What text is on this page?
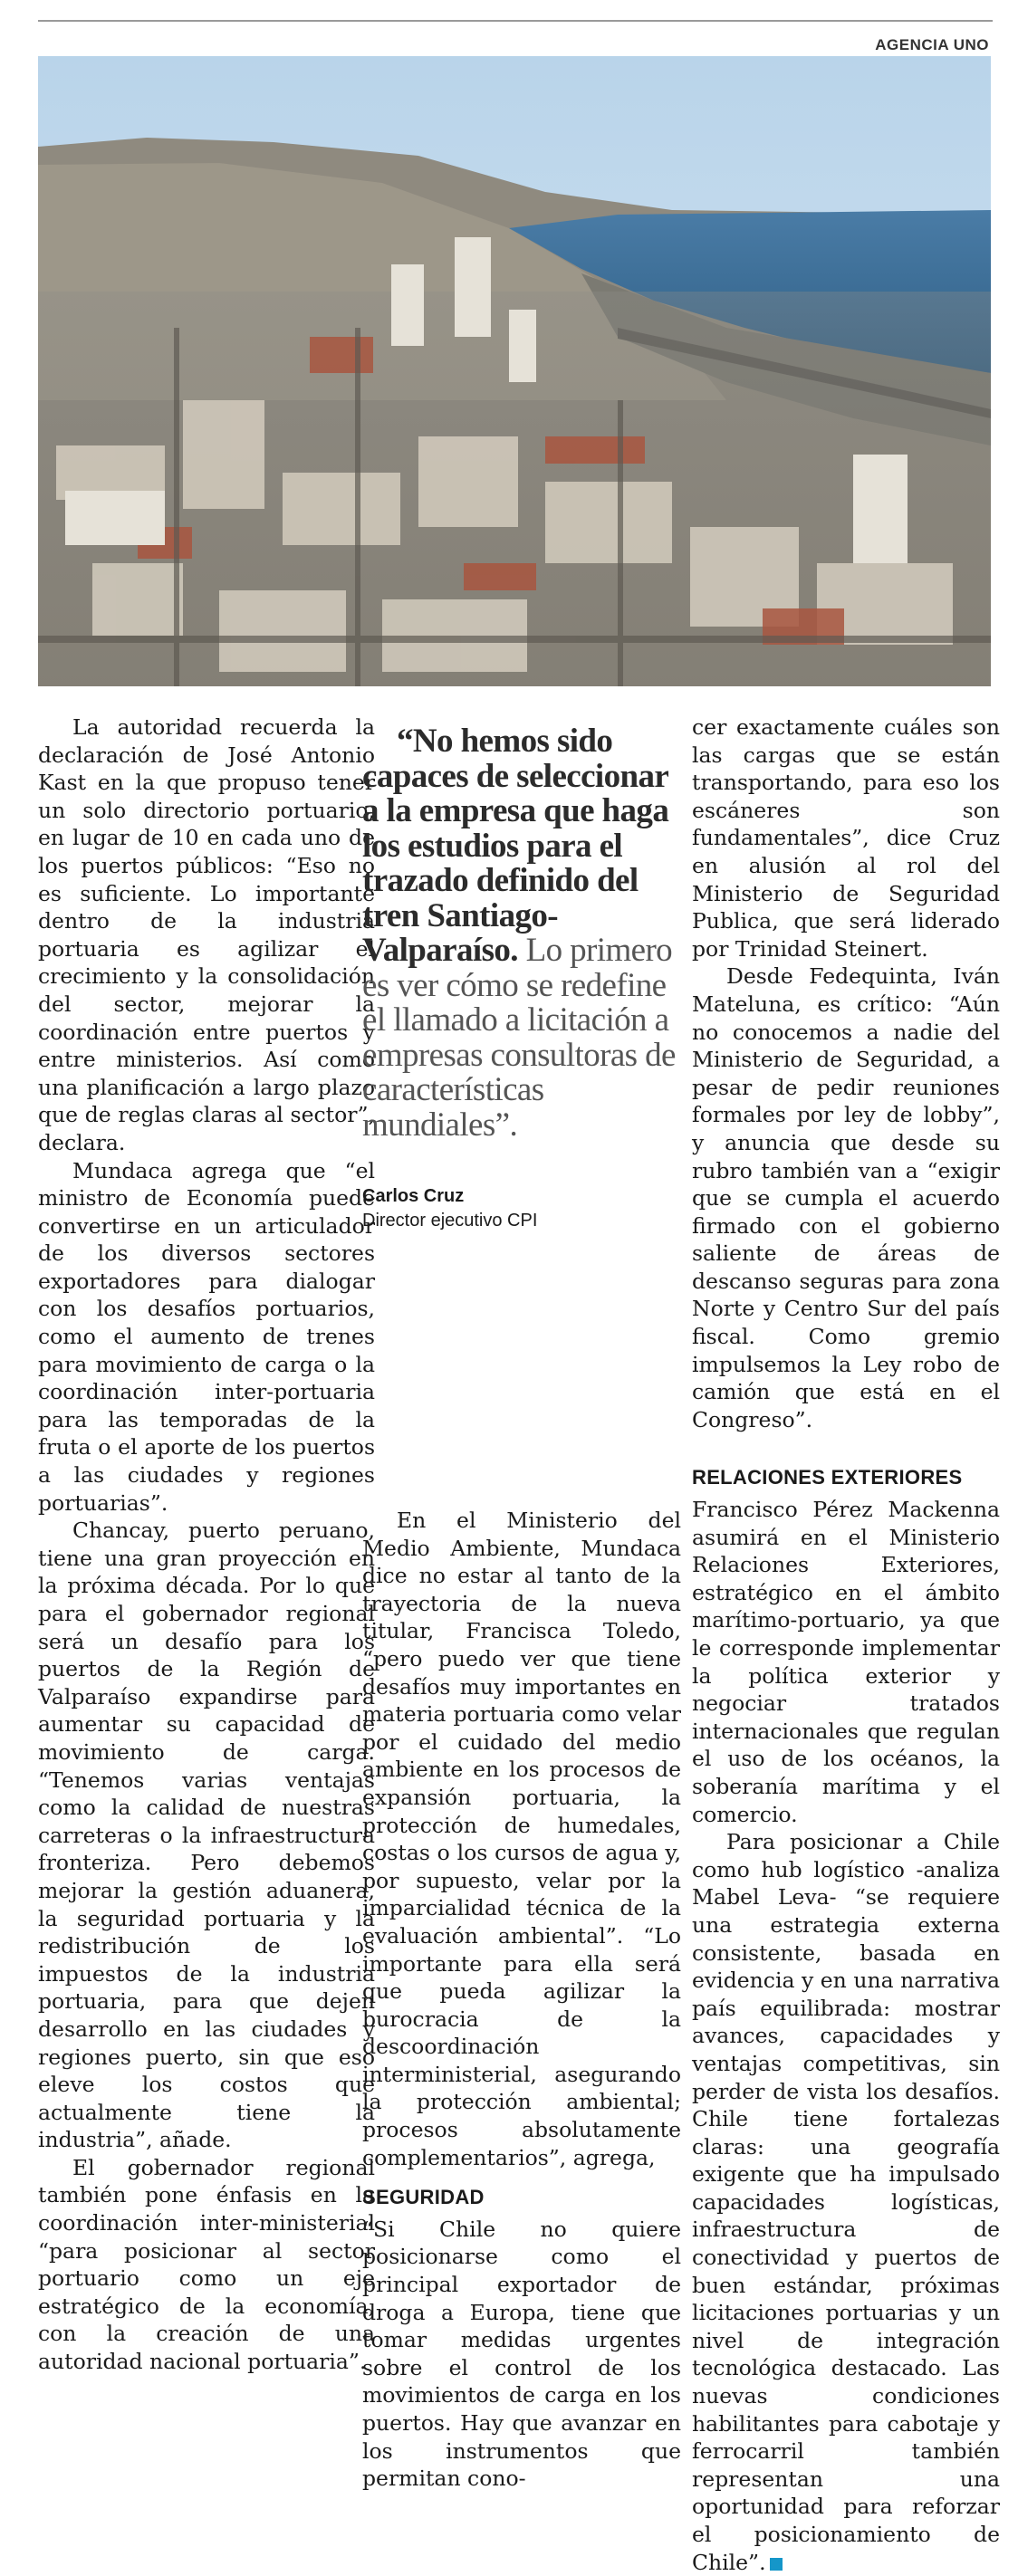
AGENCIA UNO

La autoridad recuerda la declaración de José Antonio Kast en la que propuso tener un solo directorio portuario, en lugar de 10 en cada uno de los puertos públicos: “Eso no es suficiente. Lo importante dentro de la industria portuaria es agilizar el crecimiento y la consolidación del sector, mejorar la coordinación entre puertos y entre ministerios. Así como una planificación a largo plazo que de reglas claras al sector”, declara.

Mundaca agrega que “el ministro de Economía puede convertirse en un articulador de los diversos sectores exportadores para dialogar con los desafíos portuarios, como el aumento de trenes para movimiento de carga o la coordinación inter-portuaria para las temporadas de la fruta o el aporte de los puertos a las ciudades y regiones portuarias”.

Chancay, puerto peruano, tiene una gran proyección en la próxima década. Por lo que para el gobernador regional será un desafío para los puertos de la Región de Valparaíso expandirse para aumentar su capacidad de movimiento de carga. “Tenemos varias ventajas como la calidad de nuestras carreteras o la infraestructura fronteriza. Pero debemos mejorar la gestión aduanera, la seguridad portuaria y la redistribución de los impuestos de la industria portuaria, para que dejen desarrollo en las ciudades y regiones puerto, sin que eso eleve los costos que actualmente tiene la industria”, añade.

El gobernador regional también pone énfasis en la coordinación inter-ministerial “para posicionar al sector portuario como un eje estratégico de la economía, con la creación de una autoridad nacional portuaria”.

“No hemos sido capaces de seleccionar a la empresa que haga los estudios para el trazado definido del tren Santiago-Valparaíso. Lo primero es ver cómo se redefine el llamado a licitación a empresas consultoras de características mundiales”.

Carlos Cruz
Director ejecutivo CPI

En el Ministerio del Medio Ambiente, Mundaca dice no estar al tanto de la trayectoria de la nueva titular, Francisca Toledo, “pero puedo ver que tiene desafíos muy importantes en materia portuaria como velar por el cuidado del medio ambiente en los procesos de expansión portuaria, la protección de humedales, costas o los cursos de agua y, por supuesto, velar por la imparcialidad técnica de la evaluación ambiental”. “Lo importante para ella será que pueda agilizar la burocracia de la descoordinación interministerial, asegurando la protección ambiental; procesos absolutamente complementarios”, agrega,

SEGURIDAD

“Si Chile no quiere posicionarse como el principal exportador de droga a Europa, tiene que tomar medidas urgentes sobre el control de los movimientos de carga en los puertos. Hay que avanzar en los instrumentos que permitan cono-

cer exactamente cuáles son las cargas que se están transportando, para eso los escáneres son fundamentales”, dice Cruz en alusión al rol del Ministerio de Seguridad Publica, que será liderado por Trinidad Steinert.

Desde Fedequinta, Iván Mateluna, es crítico: “Aún no conocemos a nadie del Ministerio de Seguridad, a pesar de pedir reuniones formales por ley de lobby”, y anuncia que desde su rubro también van a “exigir que se cumpla el acuerdo firmado con el gobierno saliente de áreas de descanso seguras para zona Norte y Centro Sur del país fiscal. Como gremio impulsemos la Ley robo de camión que está en el Congreso”.

RELACIONES EXTERIORES

Francisco Pérez Mackenna asumirá en el Ministerio Relaciones Exteriores, estratégico en el ámbito marítimo-portuario, ya que le corresponde implementar la política exterior y negociar tratados internacionales que regulan el uso de los océanos, la soberanía marítima y el comercio.

Para posicionar a Chile como hub logístico -analiza Mabel Leva- “se requiere una estrategia externa consistente, basada en evidencia y en una narrativa país equilibrada: mostrar avances, capacidades y ventajas competitivas, sin perder de vista los desafíos. Chile tiene fortalezas claras: una geografía exigente que ha impulsado capacidades logísticas, infraestructura de conectividad y puertos de buen estándar, próximas licitaciones portuarias y un nivel de integración tecnológica destacado. Las nuevas condiciones habilitantes para cabotaje y ferrocarril también representan una oportunidad para reforzar el posicionamiento de Chile”.
